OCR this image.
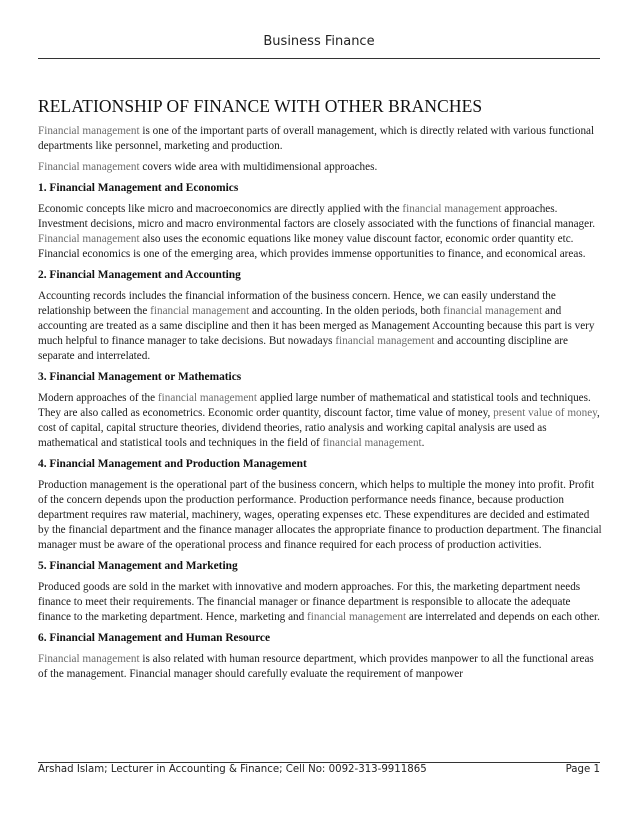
Business Finance
RELATIONSHIP OF FINANCE WITH OTHER BRANCHES

Financial management is one of the important parts of overall management, which is directly related with various functional departments like personnel, marketing and production.

Financial management covers wide area with multidimensional approaches.

1. Financial Management and Economics

Economic concepts like micro and macroeconomics are directly applied with the financial management approaches. Investment decisions, micro and macro environmental factors are closely associated with the functions of financial manager. Financial management also uses the economic equations like money value discount factor, economic order quantity etc. Financial economics is one of the emerging area, which provides immense opportunities to finance, and economical areas.

2. Financial Management and Accounting

Accounting records includes the financial information of the business concern. Hence, we can easily understand the relationship between the financial management and accounting. In the olden periods, both financial management and accounting are treated as a same discipline and then it has been merged as Management Accounting because this part is very much helpful to finance manager to take decisions. But nowadays financial management and accounting discipline are separate and interrelated.

3. Financial Management or Mathematics

Modern approaches of the financial management applied large number of mathematical and statistical tools and techniques. They are also called as econometrics. Economic order quantity, discount factor, time value of money, present value of money, cost of capital, capital structure theories, dividend theories, ratio analysis and working capital analysis are used as mathematical and statistical tools and techniques in the field of financial management.

4. Financial Management and Production Management

Production management is the operational part of the business concern, which helps to multiple the money into profit. Profit of the concern depends upon the production performance. Production performance needs finance, because production department requires raw material, machinery, wages, operating expenses etc. These expenditures are decided and estimated by the financial department and the finance manager allocates the appropriate finance to production department. The financial manager must be aware of the operational process and finance required for each process of production activities.

5. Financial Management and Marketing

Produced goods are sold in the market with innovative and modern approaches. For this, the marketing department needs finance to meet their requirements. The financial manager or finance department is responsible to allocate the adequate finance to the marketing department. Hence, marketing and financial management are interrelated and depends on each other.

6. Financial Management and Human Resource

Financial management is also related with human resource department, which provides manpower to all the functional areas of the management. Financial manager should carefully evaluate the requirement of manpower

Arshad Islam; Lecturer in Accounting & Finance; Cell No: 0092-313-9911865	Page 1
